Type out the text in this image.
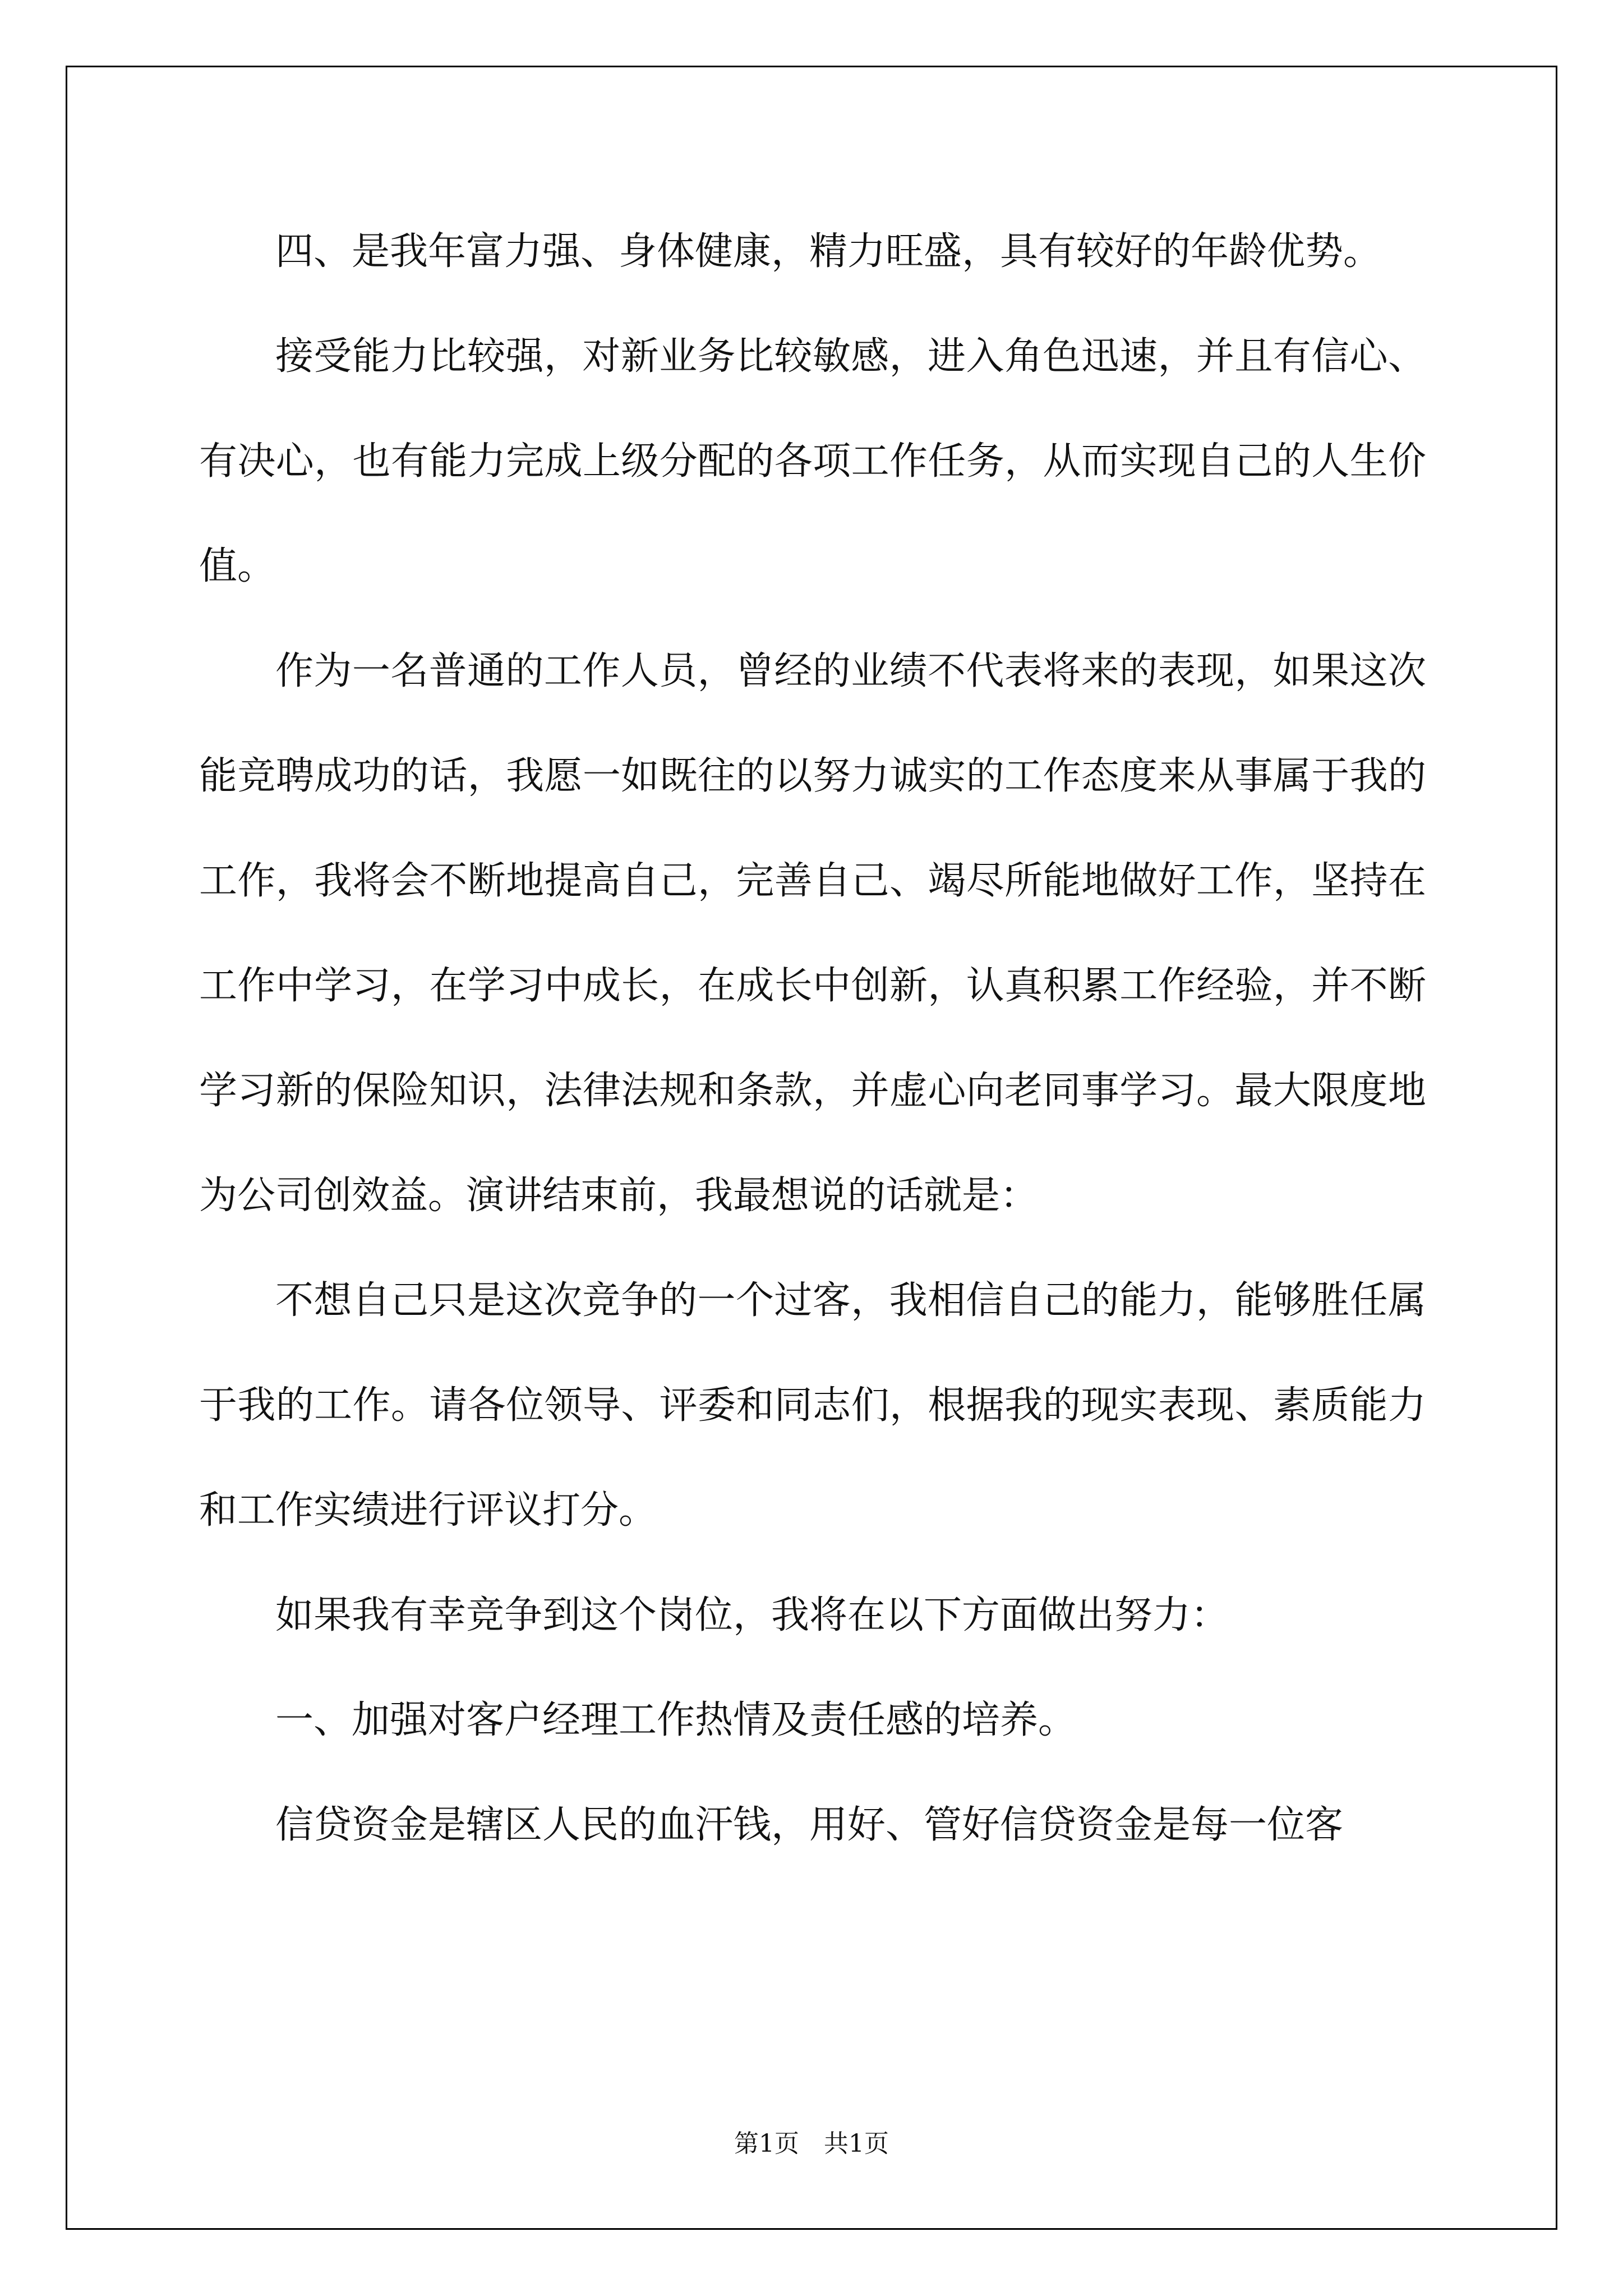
四、是我年富力强、身体健康，精力旺盛，具有较好的年龄优势。

接受能力比较强，对新业务比较敏感，进入角色迅速，并且有信心、有决心，也有能力完成上级分配的各项工作任务，从而实现自己的人生价值。

作为一名普通的工作人员，曾经的业绩不代表将来的表现，如果这次能竞聘成功的话，我愿一如既往的以努力诚实的工作态度来从事属于我的工作，我将会不断地提高自己，完善自己、竭尽所能地做好工作，坚持在工作中学习，在学习中成长，在成长中创新，认真积累工作经验，并不断学习新的保险知识，法律法规和条款，并虚心向老同事学习。最大限度地为公司创效益。演讲结束前，我最想说的话就是：

不想自己只是这次竞争的一个过客，我相信自己的能力，能够胜任属于我的工作。请各位领导、评委和同志们，根据我的现实表现、素质能力和工作实绩进行评议打分。

如果我有幸竞争到这个岗位，我将在以下方面做出努力：

一、加强对客户经理工作热情及责任感的培养。

信贷资金是辖区人民的血汗钱，用好、管好信贷资金是每一位客

第1页　共1页
